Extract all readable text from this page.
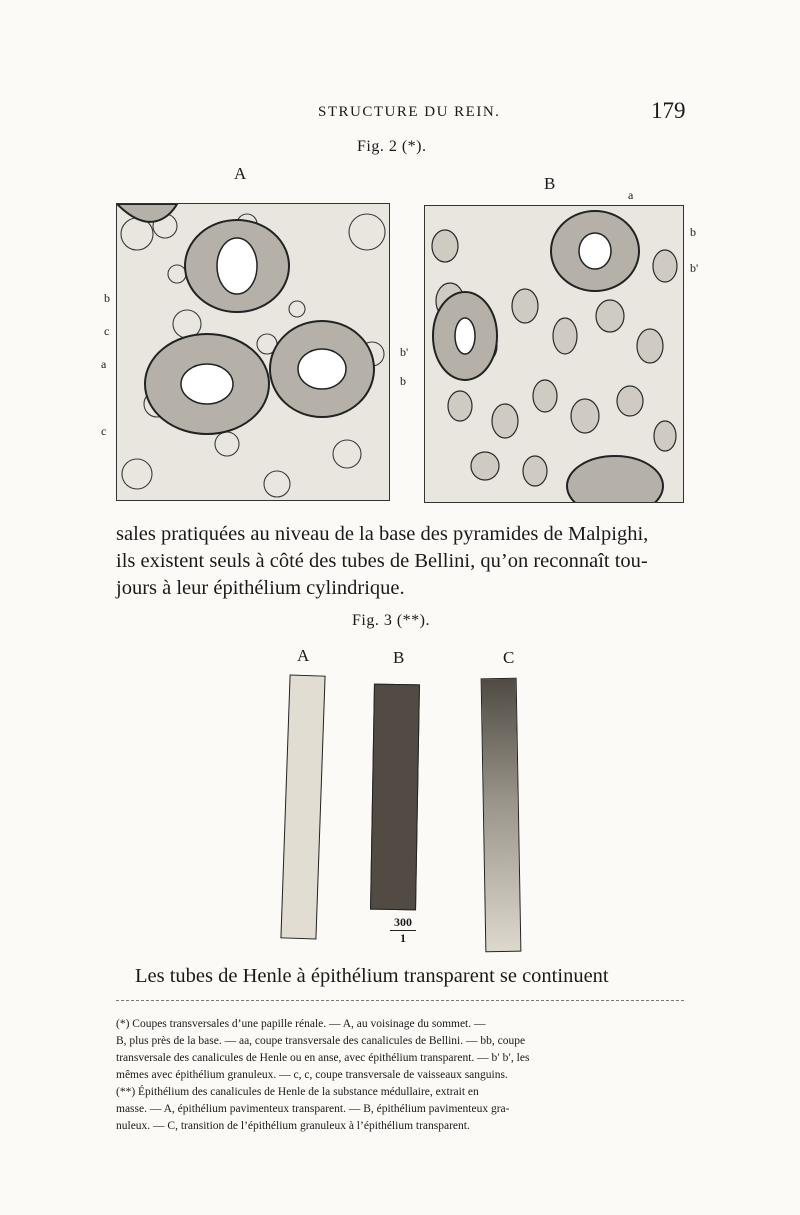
STRUCTURE DU REIN.	179
Fig. 2 (*).
A
B
b
c
a
c
a
b
b'
b'
b
sales pratiquées au niveau de la base des pyramides de Malpighi,
ils existent seuls à côté des tubes de Bellini, qu’on reconnaît tou-
jours à leur épithélium cylindrique.
Fig. 3 (**).
A	B	C
300
1
Les tubes de Henle à épithélium transparent se continuent
(*) Coupes transversales d’une papille rénale. — A, au voisinage du sommet. —
B, plus près de la base. — aa, coupe transversale des canalicules de Bellini. — bb, coupe
transversale des canalicules de Henle ou en anse, avec épithélium transparent. — b′ b′, les
mêmes avec épithélium granuleux. — c, c, coupe transversale de vaisseaux sanguins.
(**) Épithélium des canalicules de Henle de la substance médullaire, extrait en
masse. — A, épithélium pavimenteux transparent. — B, épithélium pavimenteux gra-
nuleux. — C, transition de l’épithélium granuleux à l’épithélium transparent.
